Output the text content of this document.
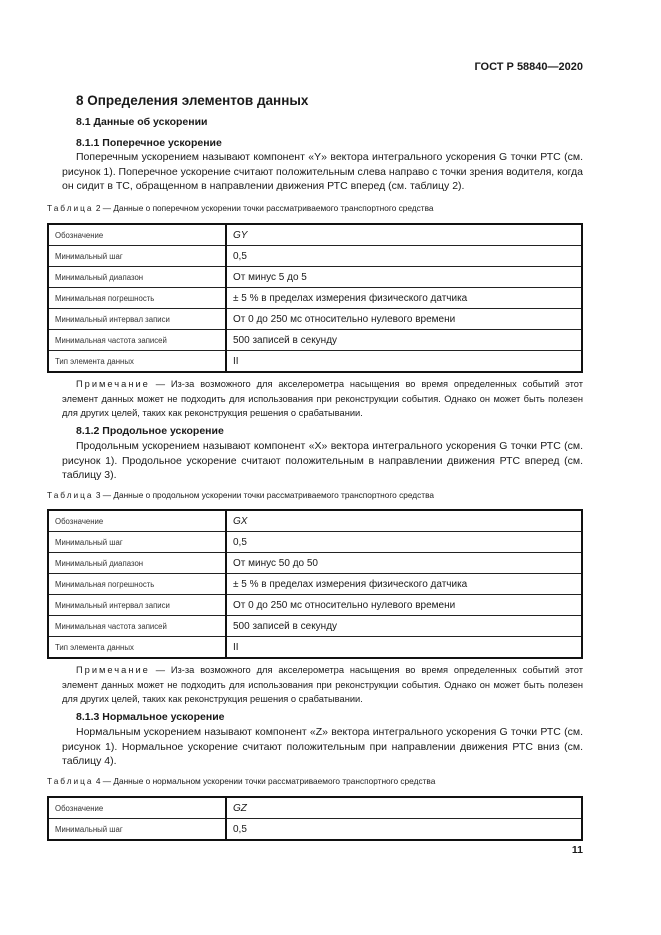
ГОСТ Р 58840—2020
8 Определения элементов данных
8.1 Данные об ускорении
8.1.1 Поперечное ускорение
Поперечным ускорением называют компонент «Y» вектора интегрального ускорения G точки РТС (см. рисунок 1). Поперечное ускорение считают положительным слева направо с точки зрения водителя, когда он сидит в ТС, обращенном в направлении движения РТС вперед (см. таблицу 2).
Таблица 2 — Данные о поперечном ускорении точки рассматриваемого транспортного средства
Обозначение	GY
Минимальный шаг	0,5
Минимальный диапазон	От минус 5 до 5
Минимальная погрешность	± 5 % в пределах измерения физического датчика
Минимальный интервал записи	От 0 до 250 мс относительно нулевого времени
Минимальная частота записей	500 записей в секунду
Тип элемента данных	II
Примечание — Из-за возможного для акселерометра насыщения во время определенных событий этот элемент данных может не подходить для использования при реконструкции события. Однако он может быть полезен для других целей, таких как реконструкция решения о срабатывании.
8.1.2 Продольное ускорение
Продольным ускорением называют компонент «X» вектора интегрального ускорения G точки РТС (см. рисунок 1). Продольное ускорение считают положительным в направлении движения РТС вперед (см. таблицу 3).
Таблица 3 — Данные о продольном ускорении точки рассматриваемого транспортного средства
Обозначение	GX
Минимальный шаг	0,5
Минимальный диапазон	От минус 50 до 50
Минимальная погрешность	± 5 % в пределах измерения физического датчика
Минимальный интервал записи	От 0 до 250 мс относительно нулевого времени
Минимальная частота записей	500 записей в секунду
Тип элемента данных	II
Примечание — Из-за возможного для акселерометра насыщения во время определенных событий этот элемент данных может не подходить для использования при реконструкции события. Однако он может быть полезен для других целей, таких как реконструкция решения о срабатывании.
8.1.3 Нормальное ускорение
Нормальным ускорением называют компонент «Z» вектора интегрального ускорения G точки РТС (см. рисунок 1). Нормальное ускорение считают положительным при направлении движения РТС вниз (см. таблицу 4).
Таблица 4 — Данные о нормальном ускорении точки рассматриваемого транспортного средства
Обозначение	GZ
Минимальный шаг	0,5
11
